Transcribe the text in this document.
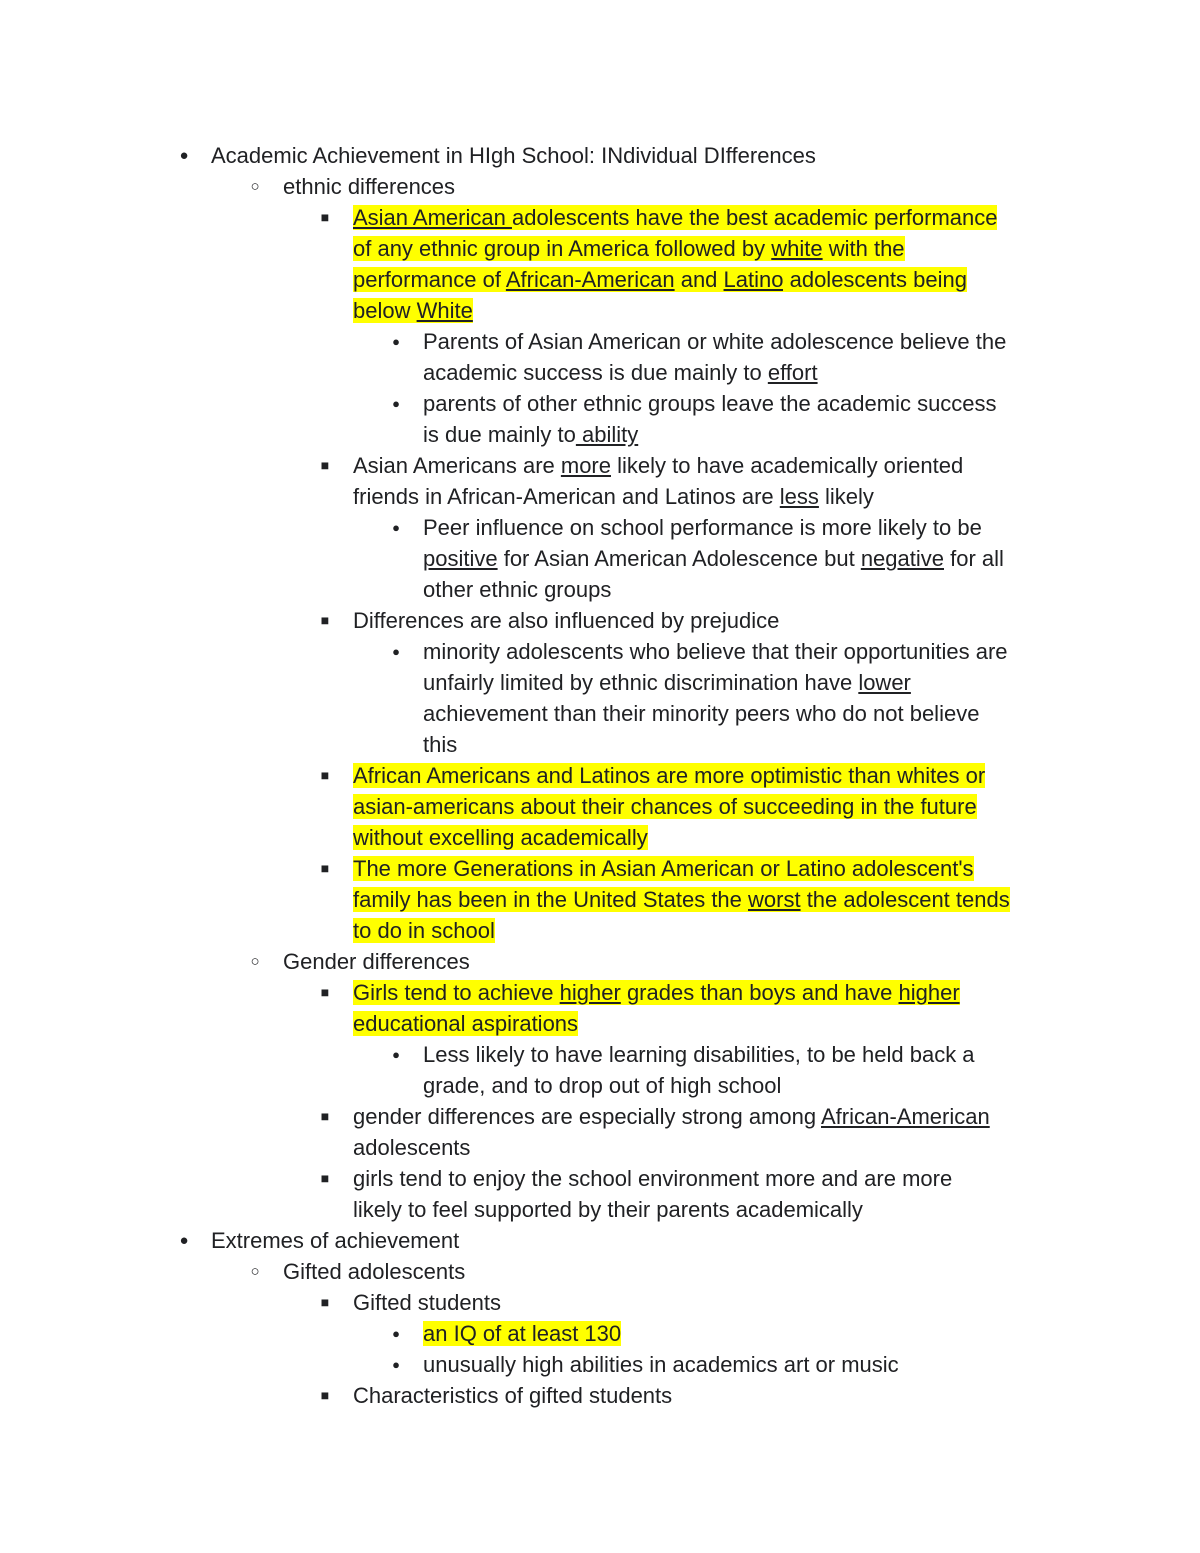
● Academic Achievement in HIgh School: INdividual DIfferences

○ ethnic differences

■ Asian American adolescents have the best academic performance

of any ethnic group in America followed by white with the

performance of African-American and Latino adolescents being

below White

● Parents of Asian American or white adolescence believe the

academic success is due mainly to effort

● parents of other ethnic groups leave the academic success

is due mainly to ability

■ Asian Americans are more likely to have academically oriented

friends in African-American and Latinos are less likely

● Peer influence on school performance is more likely to be

positive for Asian American Adolescence but negative for all

other ethnic groups

■ Differences are also influenced by prejudice

● minority adolescents who believe that their opportunities are

unfairly limited by ethnic discrimination have lower

achievement than their minority peers who do not believe

this

■ African Americans and Latinos are more optimistic than whites or

asian-americans about their chances of succeeding in the future

without excelling academically

■ The more Generations in Asian American or Latino adolescent's

family has been in the United States the worst the adolescent tends

to do in school

○ Gender differences

■ Girls tend to achieve higher grades than boys and have higher

educational aspirations

● Less likely to have learning disabilities, to be held back a

grade, and to drop out of high school

■ gender differences are especially strong among African-American

adolescents

■ girls tend to enjoy the school environment more and are more

likely to feel supported by their parents academically

● Extremes of achievement

○ Gifted adolescents

■ Gifted students

● an IQ of at least 130

● unusually high abilities in academics art or music

■ Characteristics of gifted students
